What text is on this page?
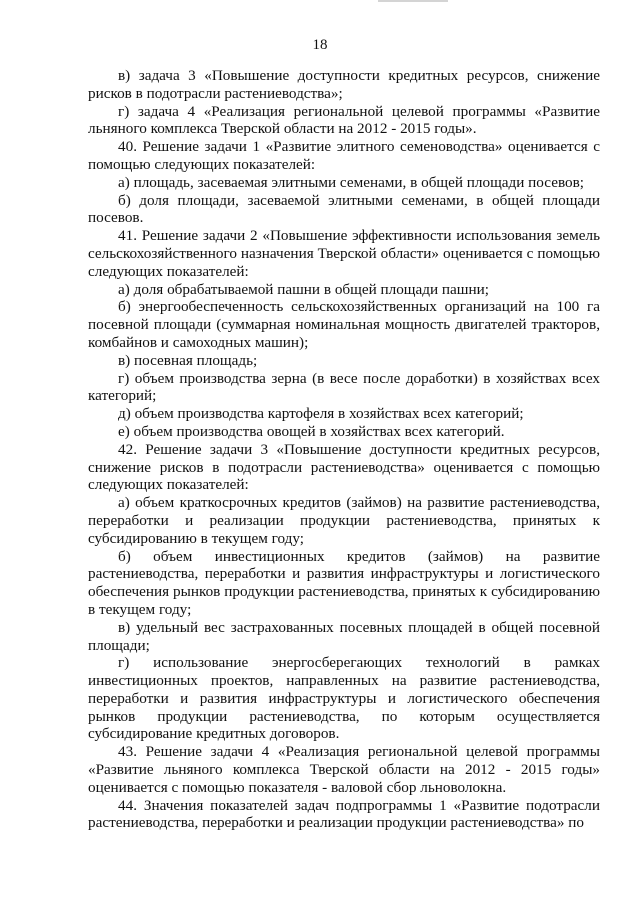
18

в) задача 3 «Повышение доступности кредитных ресурсов, снижение рисков в подотрасли растениеводства»;

г) задача 4 «Реализация региональной целевой программы «Развитие льняного комплекса Тверской области на 2012 - 2015 годы».

40. Решение задачи 1 «Развитие элитного семеноводства» оценивается с помощью следующих показателей:

а) площадь, засеваемая элитными семенами, в общей площади посевов;

б) доля площади, засеваемой элитными семенами, в общей площади посевов.

41. Решение задачи 2 «Повышение эффективности использования земель сельскохозяйственного назначения Тверской области» оценивается с помощью следующих показателей:

а) доля обрабатываемой пашни в общей площади пашни;

б) энергообеспеченность сельскохозяйственных организаций на 100 га посевной площади (суммарная номинальная мощность двигателей тракторов, комбайнов и самоходных машин);

в) посевная площадь;

г) объем производства зерна (в весе после доработки) в хозяйствах всех категорий;

д) объем производства картофеля в хозяйствах всех категорий;

е) объем производства овощей в хозяйствах всех категорий.

42. Решение задачи 3 «Повышение доступности кредитных ресурсов, снижение рисков в подотрасли растениеводства» оценивается с помощью следующих показателей:

а) объем краткосрочных кредитов (займов) на развитие растениеводства, переработки и реализации продукции растениеводства, принятых к субсидированию в текущем году;

б) объем инвестиционных кредитов (займов) на развитие растениеводства, переработки и развития инфраструктуры и логистического обеспечения рынков продукции растениеводства, принятых к субсидированию в текущем году;

в) удельный вес застрахованных посевных площадей в общей посевной площади;

г) использование энергосберегающих технологий в рамках инвестиционных проектов, направленных на развитие растениеводства, переработки и развития инфраструктуры и логистического обеспечения рынков продукции растениеводства, по которым осуществляется субсидирование кредитных договоров.

43. Решение задачи 4 «Реализация региональной целевой программы «Развитие льняного комплекса Тверской области на 2012 - 2015 годы» оценивается с помощью показателя - валовой сбор льноволокна.

44. Значения показателей задач подпрограммы 1 «Развитие подотрасли растениеводства, переработки и реализации продукции растениеводства» по
